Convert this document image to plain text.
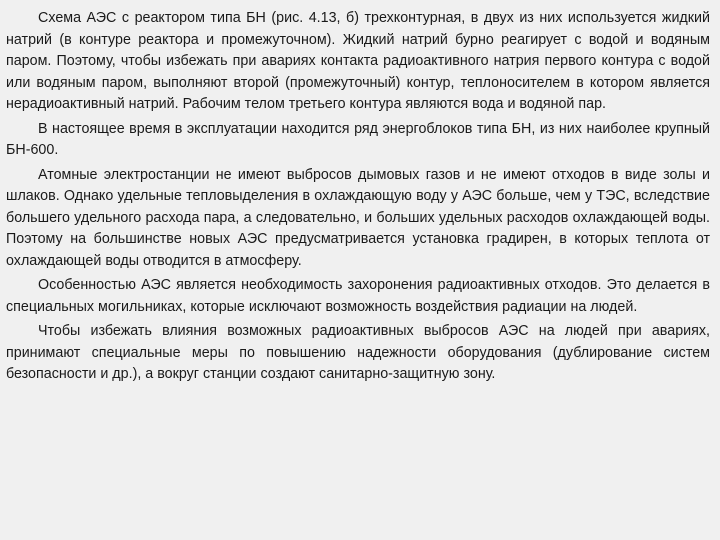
Схема АЭС с реактором типа БН (рис. 4.13, б) трехконтурная, в двух из них используется жидкий натрий (в контуре реактора и промежуточном). Жидкий натрий бурно реагирует с водой и водяным паром. Поэтому, чтобы избежать при авариях контакта радиоактивного натрия первого контура с водой или водяным паром, выполняют второй (промежуточный) контур, теплоносителем в котором является нерадиоактивный натрий. Рабочим телом третьего контура являются вода и водяной пар.

В настоящее время в эксплуатации находится ряд энергоблоков типа БН, из них наиболее крупный БН-600.

Атомные электростанции не имеют выбросов дымовых газов и не имеют отходов в виде золы и шлаков. Однако удельные тепловыделения в охлаждающую воду у АЭС больше, чем у ТЭС, вследствие большего удельного расхода пара, а следовательно, и больших удельных расходов охлаждающей воды. Поэтому на большинстве новых АЭС предусматривается установка градирен, в которых теплота от охлаждающей воды отводится в атмосферу.

Особенностью АЭС является необходимость захоронения радиоактивных отходов. Это делается в специальных могильниках, которые исключают возможность воздействия радиации на людей.

Чтобы избежать влияния возможных радиоактивных выбросов АЭС на людей при авариях, принимают специальные меры по повышению надежности оборудования (дублирование систем безопасности и др.), а вокруг станции создают санитарно-защитную зону.
